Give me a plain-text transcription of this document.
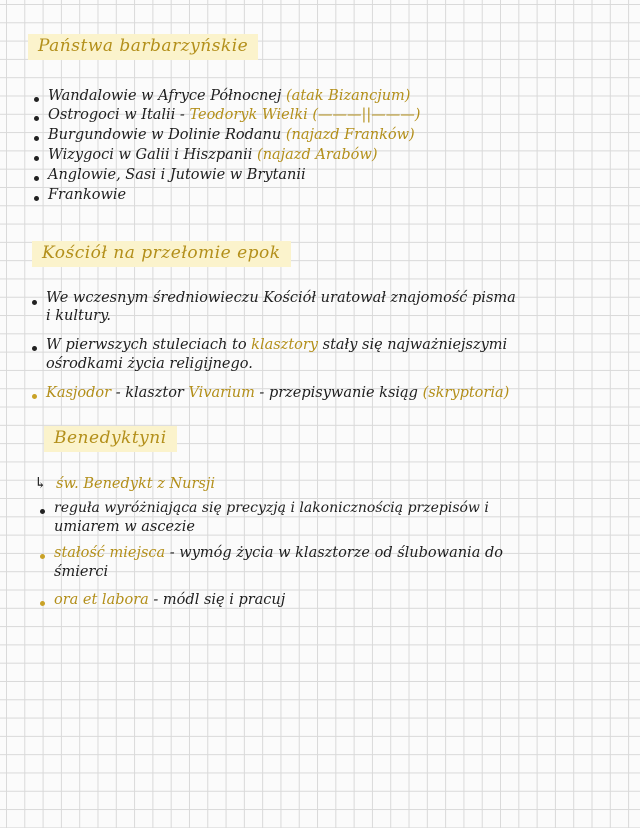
Państwa barbarzyńskie
Wandalowie w Afryce Północnej (atak Bizancjum)
Ostrogoci w Italii - Teodoryk Wielki (———||———)
Burgundowie w Dolinie Rodanu (najazd Franków)
Wizygoci w Galii i Hiszpanii (najazd Arabów)
Anglowie, Sasi i Jutowie w Brytanii
Frankowie
Kościół na przełomie epok
We wczesnym średniowieczu Kościół uratował znajomość pisma
i kultury.
W pierwszych stuleciach to klasztory stały się najważniejszymi
ośrodkami życia religijnego.
Kasjodor - klasztor Vivarium - przepisywanie ksiąg (skryptoria)
Benedyktyni
↳ św. Benedykt z Nursji
reguła wyróżniająca się precyzją i lakonicznością przepisów i
umiarem w ascezie
stałość miejsca - wymóg życia w klasztorze od ślubowania do
śmierci
ora et labora - módl się i pracuj
